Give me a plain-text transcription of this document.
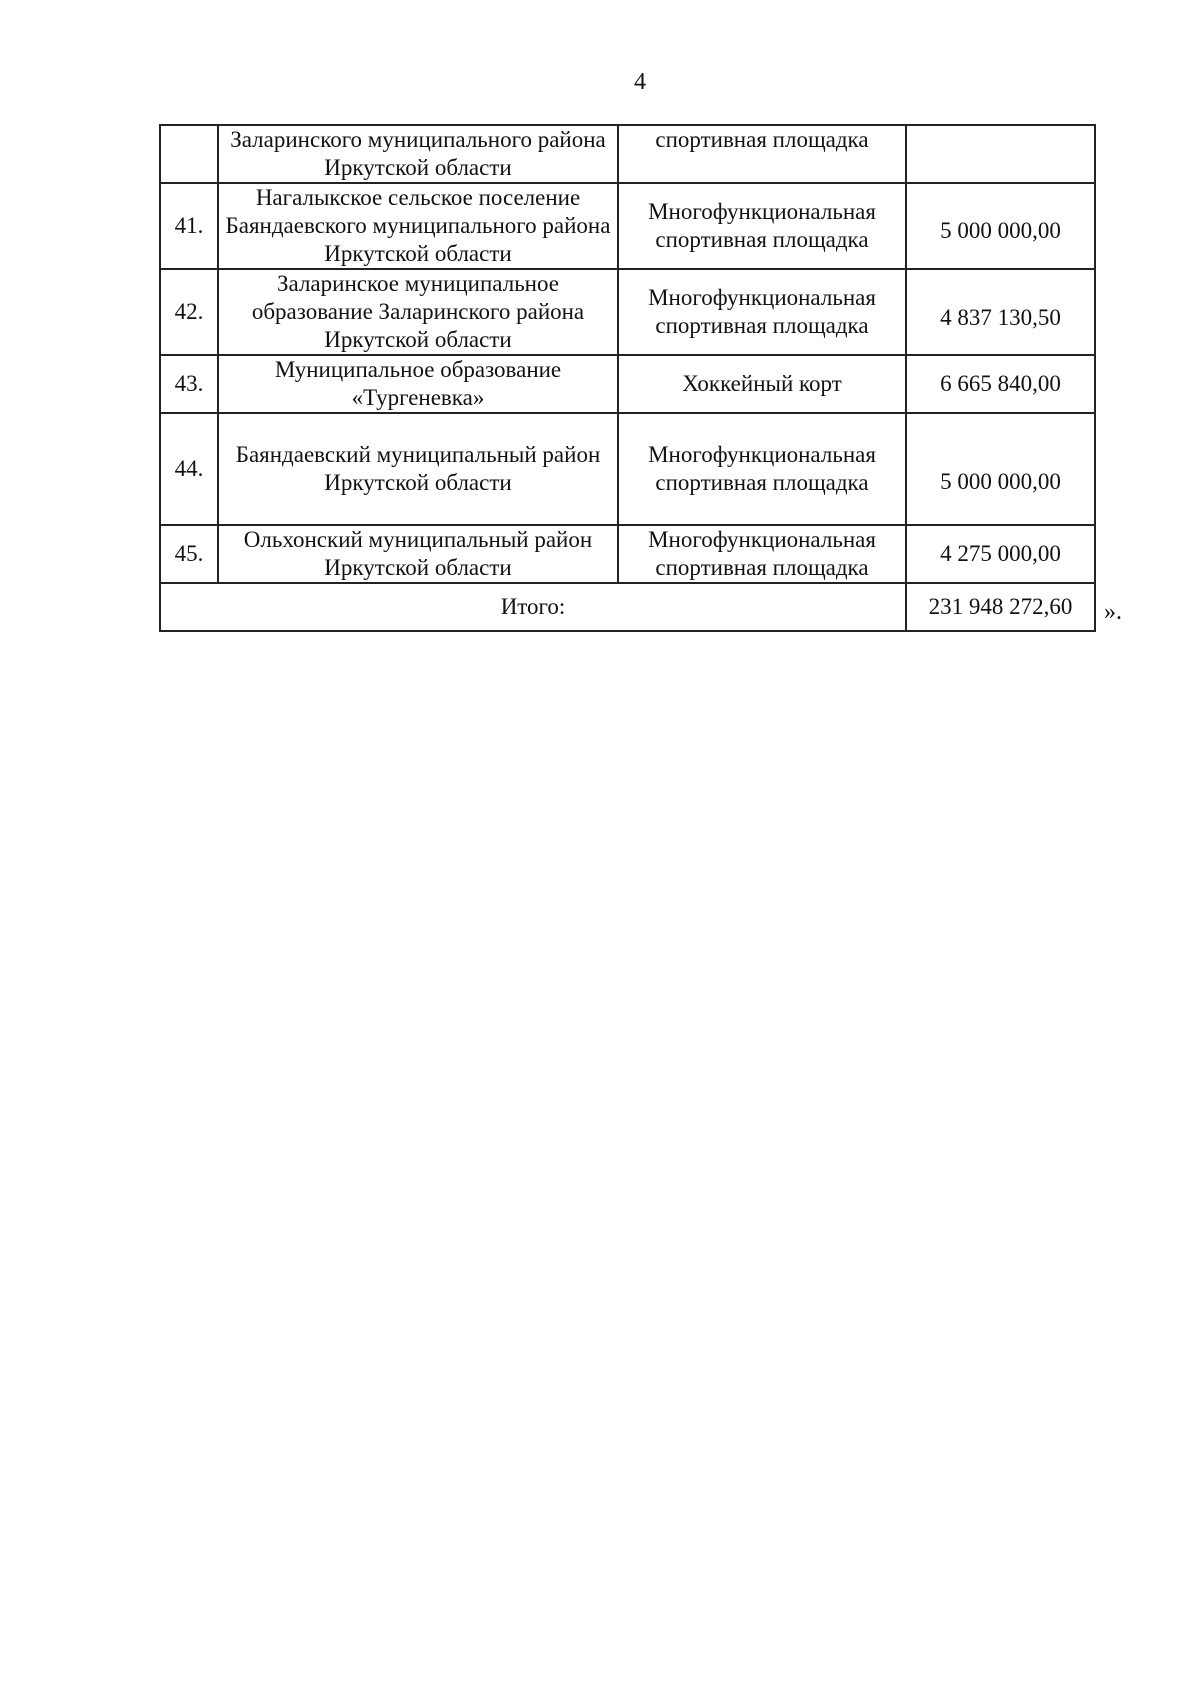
4
	Заларинского муниципального района Иркутской области	спортивная площадка	
41.	Нагалыкское сельское поселение Баяндаевского муниципального района Иркутской области	Многофункциональная спортивная площадка	5 000 000,00
42.	Заларинское муниципальное образование Заларинского района Иркутской области	Многофункциональная спортивная площадка	4 837 130,50
43.	Муниципальное образование «Тургеневка»	Хоккейный корт	6 665 840,00
44.	Баяндаевский муниципальный район Иркутской области	Многофункциональная спортивная площадка	5 000 000,00
45.	Ольхонский муниципальный район Иркутской области	Многофункциональная спортивная площадка	4 275 000,00
Итого:			231 948 272,60 ».
